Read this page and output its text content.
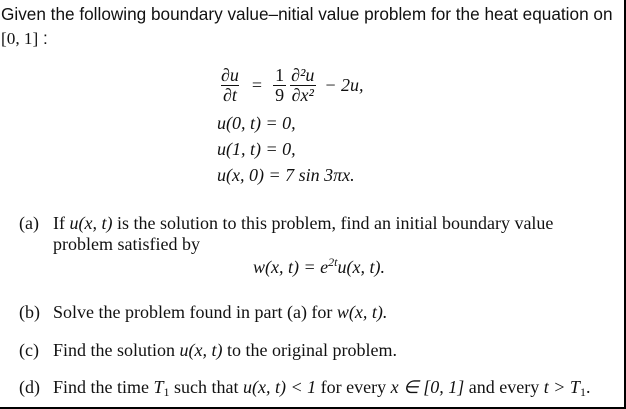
Given the following boundary value–nitial value problem for the heat equation on
[0, 1] :
$\frac{\partial u}{\partial t} = \frac{1}{9} \frac{\text{∂²u}}{\text{∂x²}} - 2u$,
u(0, t) = 0,
u(1, t) = 0,
u(x, 0) = 7 sin 3πx.
(a) If u(x, t) is the solution to this problem, find an initial boundary value
problem satisfied by
w(x, $t) = e^{2t}u(x$, t).
(b) Solve the problem found in part (a) for w(x, t).
(c) Find the solution u(x, t) to the original problem.
(d) Find the time $T_1$ such that u(x, t) < 1 for every x ∈ [0, 1] and every $t > T_1$.
